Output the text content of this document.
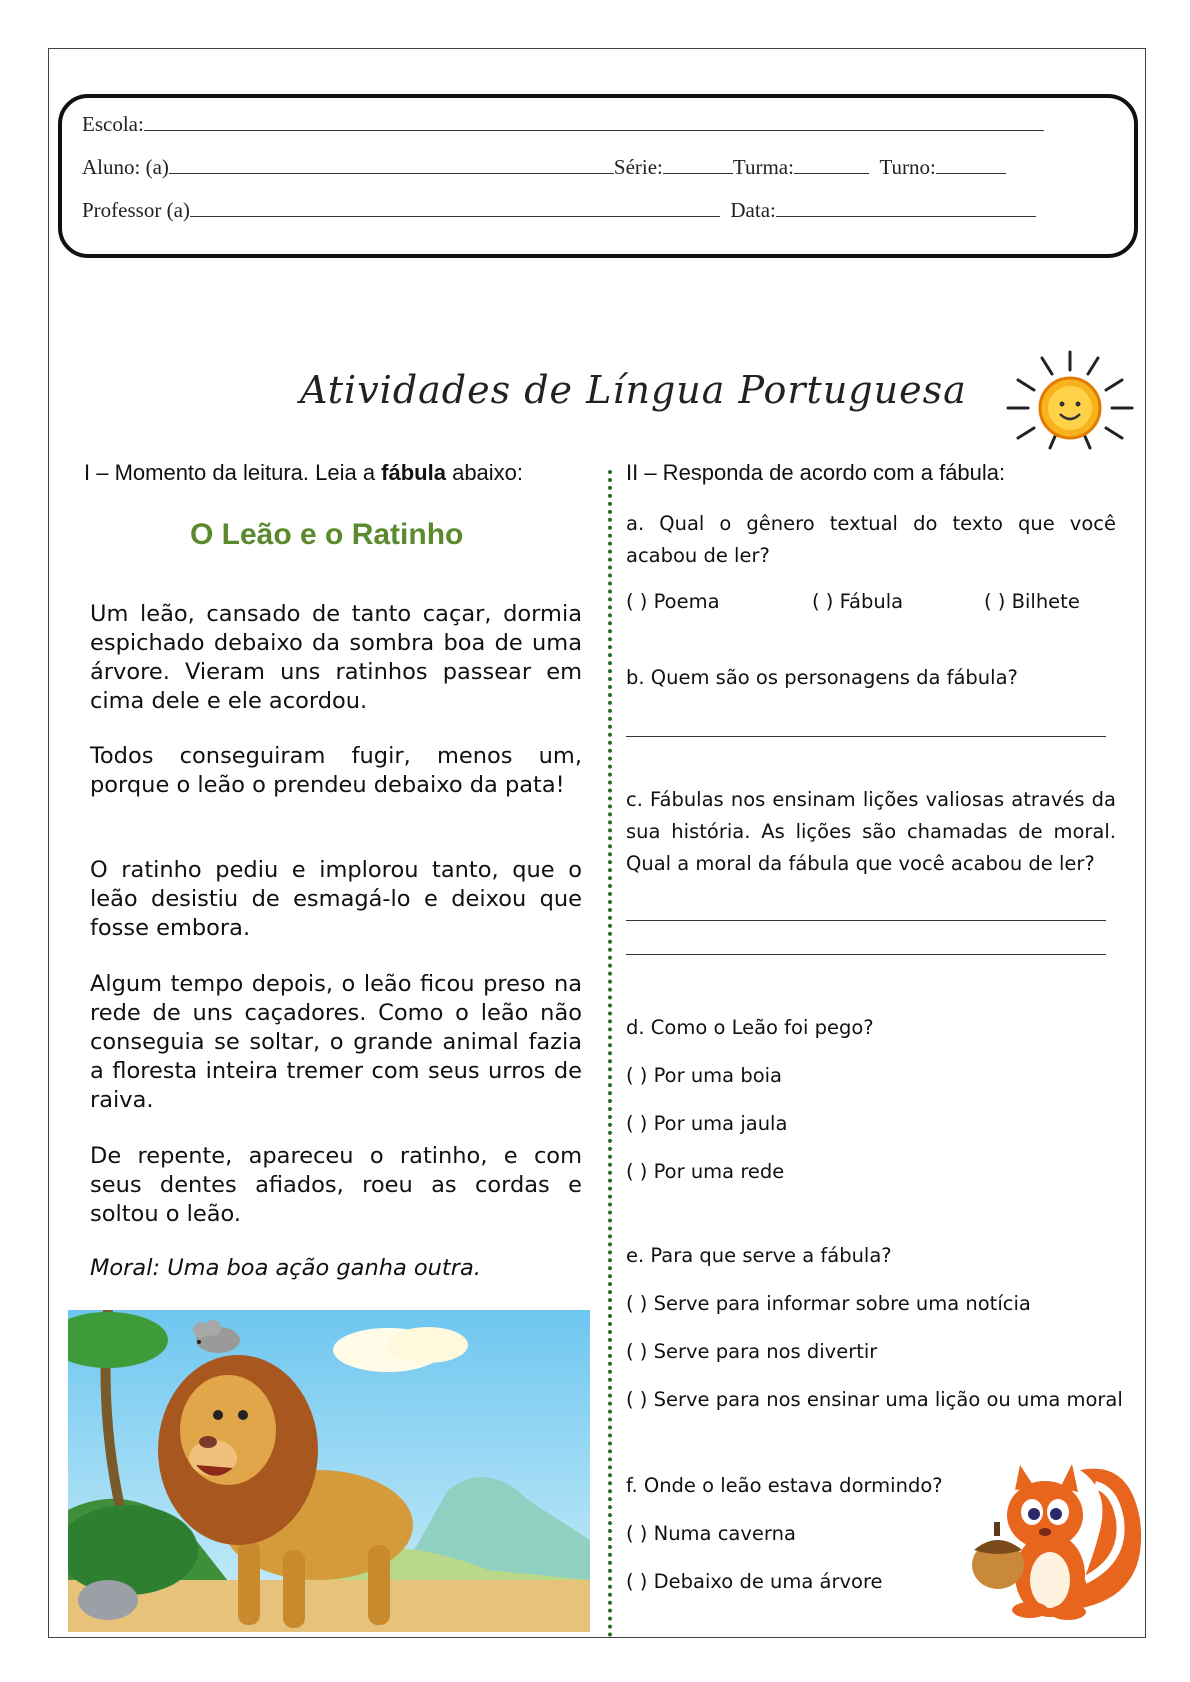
Escola:
Aluno: (a)	Série:	Turma:	Turno:
Professor (a)	Data:
Atividades de Língua Portuguesa
I – Momento da leitura. Leia a fábula abaixo:
O Leão e o Ratinho
Um leão, cansado de tanto caçar, dormia espichado debaixo da sombra boa de uma árvore. Vieram uns ratinhos passear em cima dele e ele acordou.
Todos conseguiram fugir, menos um, porque o leão o prendeu debaixo da pata!
O ratinho pediu e implorou tanto, que o leão desistiu de esmagá-lo e deixou que fosse embora.
Algum tempo depois, o leão ficou preso na rede de uns caçadores. Como o leão não conseguia se soltar, o grande animal fazia a floresta inteira tremer com seus urros de raiva.
De repente, apareceu o ratinho, e com seus dentes afiados, roeu as cordas e soltou o leão.
Moral: Uma boa ação ganha outra.
II – Responda de acordo com a fábula:
a. Qual o gênero textual do texto que você acabou de ler?
( ) Poema	( ) Fábula	( ) Bilhete
b. Quem são os personagens da fábula?
c. Fábulas nos ensinam lições valiosas através da sua história. As lições são chamadas de moral. Qual a moral da fábula que você acabou de ler?
d. Como o Leão foi pego?
( ) Por uma boia
( ) Por uma jaula
( ) Por uma rede
e. Para que serve a fábula?
( ) Serve para informar sobre uma notícia
( ) Serve para nos divertir
( ) Serve para nos ensinar uma lição ou uma moral
f. Onde o leão estava dormindo?
( ) Numa caverna
( ) Debaixo de uma árvore
